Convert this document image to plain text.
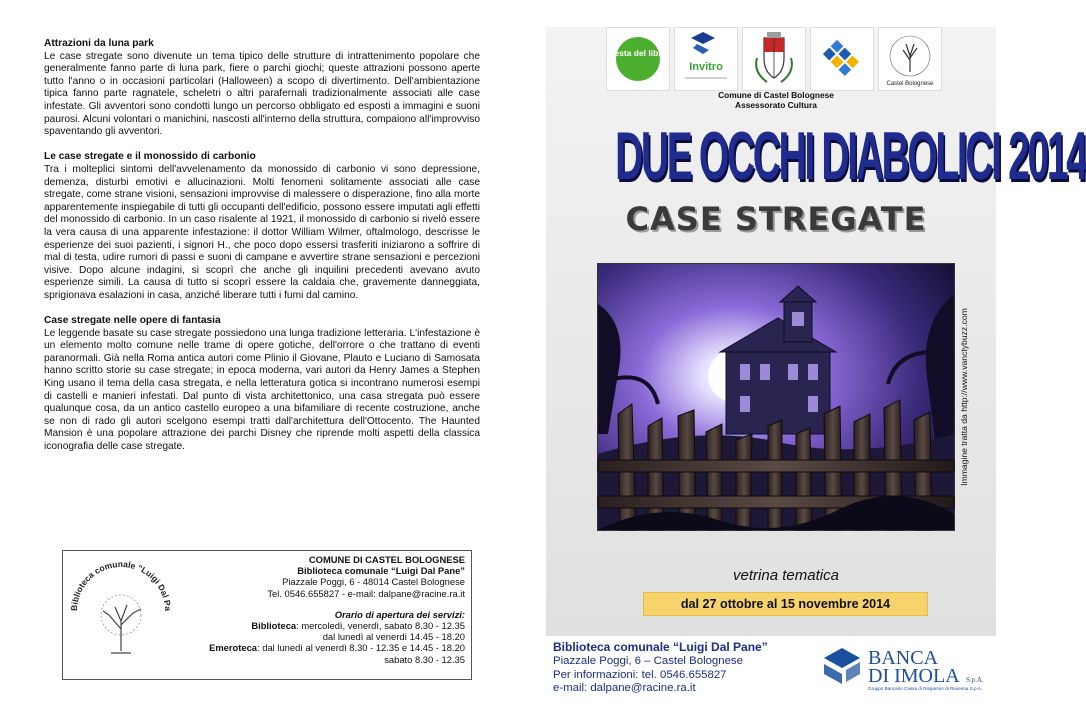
Attrazioni da luna park

Le case stregate sono divenute un tema tipico delle strutture di intrattenimento popolare che generalmente fanno parte di luna park, fiere o parchi giochi; queste attrazioni possono aperte tutto l'anno o in occasioni particolari (Halloween) a scopo di divertimento. Dell'ambientazione tipica fanno parte ragnatele, scheletri o altri parafernali tradizionalmente associati alle case infestate. Gli avventori sono condotti lungo un percorso obbligato ed esposti a immagini e suoni paurosi. Alcuni volontari o manichini, nascosti all'interno della struttura, compaiono all'improvviso spaventando gli avventori.

Le case stregate e il monossido di carbonio

Tra i molteplici sintomi dell'avvelenamento da monossido di carbonio vi sono depressione, demenza, disturbi emotivi e allucinazioni. Molti fenomeni solitamente associati alle case stregate, come strane visioni, sensazioni improvvise di malessere o disperazione, fino alla morte apparentemente inspiegabile di tutti gli occupanti dell'edificio, possono essere imputati agli effetti del monossido di carbonio. In un caso risalente al 1921, il monossido di carbonio si rivelò essere la vera causa di una apparente infestazione: il dottor William Wilmer, oftalmologo, descrisse le esperienze dei suoi pazienti, i signori H., che poco dopo essersi trasferiti iniziarono a soffrire di mal di testa, udire rumori di passi e suoni di campane e avvertire strane sensazioni e percezioni visive. Dopo alcune indagini, si scoprì che anche gli inquilini precedenti avevano avuto esperienze simili. La causa di tutto si scoprì essere la caldaia che, gravemente danneggiata, sprigionava esalazioni in casa, anziché liberare tutti i fumi dal camino.

Case stregate nelle opere di fantasia

Le leggende basate su case stregate possiedono una lunga tradizione letteraria. L'infestazione è un elemento molto comune nelle trame di opere gotiche, dell'orrore o che trattano di eventi paranormali. Già nella Roma antica autori come Plinio il Giovane, Plauto e Luciano di Samosata hanno scritto storie su case stregate; in epoca moderna, vari autori da Henry James a Stephen King usano il tema della casa stregata, e nella letteratura gotica si incontrano numerosi esempi di castelli e manieri infestati. Dal punto di vista architettonico, una casa stregata può essere qualunque cosa, da un antico castello europeo a una bifamiliare di recente costruzione, anche se non di rado gli autori scelgono esempi tratti dall'architettura dell'Ottocento. The Haunted Mansion è una popolare attrazione dei parchi Disney che riprende molti aspetti della classica iconografia delle case stregate.

Biblioteca comunale "Luigi Dal Pa
COMUNE DI CASTEL BOLOGNESE
Biblioteca comunale “Luigi Dal Pane”
Piazzale Poggi, 6 - 48014 Castel Bolognese
Tel. 0546.655827 - e-mail: dalpane@racine.ra.it
Orario di apertura dei servizi:
Biblioteca: mercoledì, venerdì, sabato 8.30 - 12.35
dal lunedì al venerdì 14.45 - 18.20
Emeroteca: dal lunedì al venerdì 8.30 - 12.35 e 14.45 - 18.20
sabato 8.30 - 12.35
Festa del libro
Invitro
Castel Bolognese
Comune di Castel Bolognese
Assessorato Cultura
DUE OCCHI DIABOLICI 2014
CASE STREGATE
Immagine tratta da http://www.vanctybuzz.com
vetrina tematica
dal 27 ottobre al 15 novembre 2014
Biblioteca comunale “Luigi Dal Pane”
Piazzale Poggi, 6 – Castel Bolognese
Per informazioni: tel. 0546.655827
e-mail: dalpane@racine.ra.it
BANCA
DI IMOLA S.p.A.
Gruppo Bancario Cassa di Risparmio di Ravenna S.p.A.
